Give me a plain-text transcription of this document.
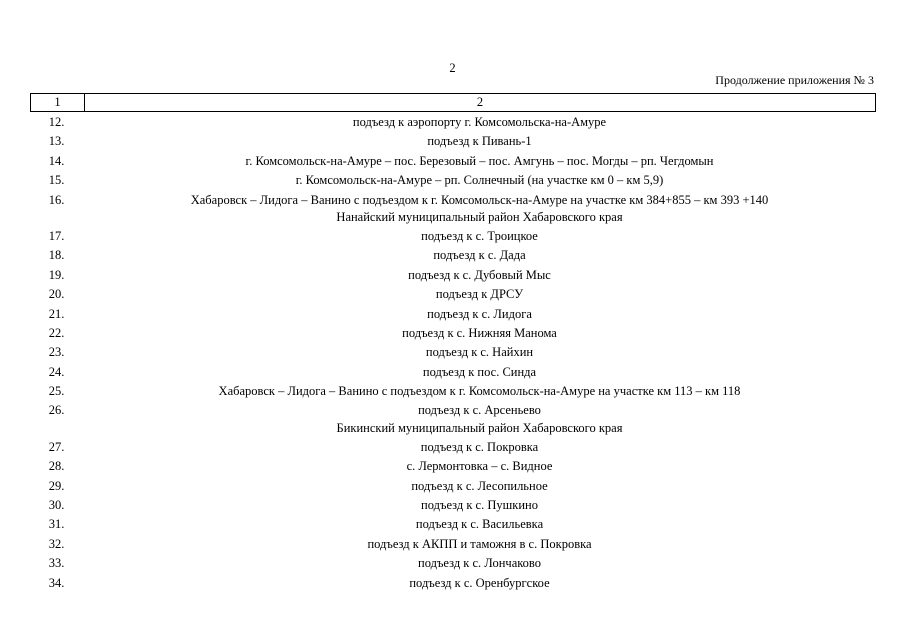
2
Продолжение приложения № 3
1	2
12.	подъезд к аэропорту г. Комсомольска-на-Амуре
13.	подъезд к Пивань-1
14.	г. Комсомольск-на-Амуре – пос. Березовый – пос. Амгунь – пос. Могды – рп. Чегдомын
15.	г. Комсомольск-на-Амуре – рп. Солнечный (на участке км 0 – км 5,9)
16.	Хабаровск – Лидога – Ванино с подъездом к г. Комсомольск-на-Амуре на участке км 384+855 – км 393 +140
Нанайский муниципальный район Хабаровского края
17.	подъезд к с. Троицкое
18.	подъезд к с. Дада
19.	подъезд к с. Дубовый Мыс
20.	подъезд к ДРСУ
21.	подъезд к с. Лидога
22.	подъезд к с. Нижняя Манома
23.	подъезд к с. Найхин
24.	подъезд к пос. Синда
25.	Хабаровск – Лидога – Ванино с подъездом к г. Комсомольск-на-Амуре на участке км 113 – км 118
26.	подъезд к с. Арсеньево
Бикинский муниципальный район Хабаровского края
27.	подъезд к с. Покровка
28.	с. Лермонтовка – с. Видное
29.	подъезд к с. Лесопильное
30.	подъезд к с. Пушкино
31.	подъезд к с. Васильевка
32.	подъезд к АКПП и таможня в с. Покровка
33.	подъезд к с. Лончаково
34.	подъезд к с. Оренбургское
